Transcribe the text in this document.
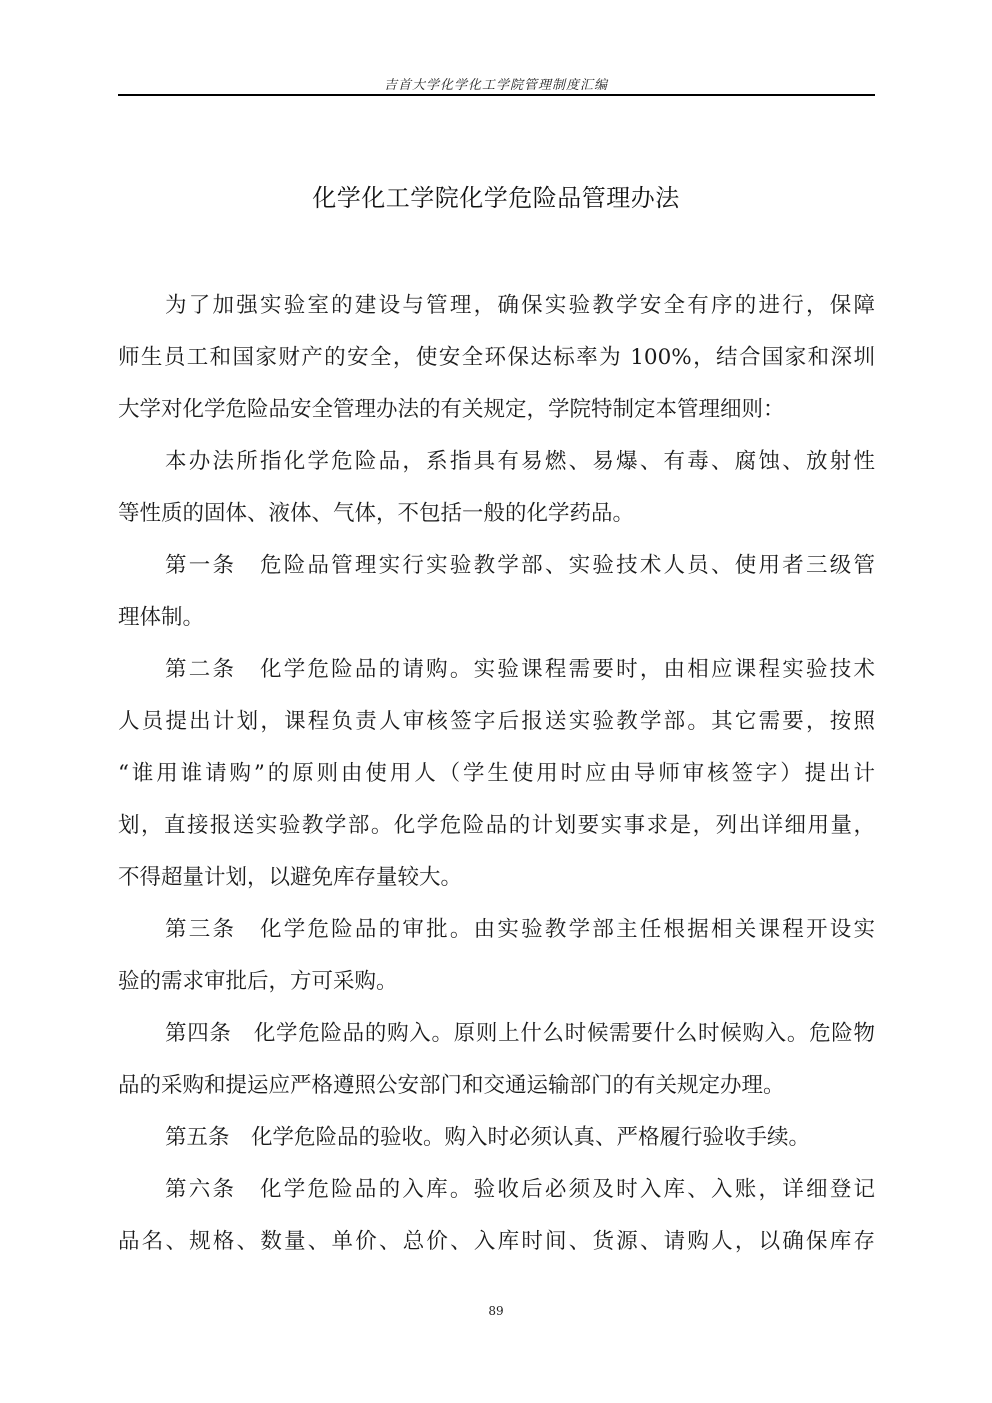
吉首大学化学化工学院管理制度汇编
化学化工学院化学危险品管理办法
为了加强实验室的建设与管理，确保实验教学安全有序的进行，保障
师生员工和国家财产的安全，使安全环保达标率为 100%，结合国家和深圳
大学对化学危险品安全管理办法的有关规定，学院特制定本管理细则：
本办法所指化学危险品，系指具有易燃、易爆、有毒、腐蚀、放射性
等性质的固体、液体、气体，不包括一般的化学药品。
第一条　危险品管理实行实验教学部、实验技术人员、使用者三级管
理体制。
第二条　化学危险品的请购。实验课程需要时，由相应课程实验技术
人员提出计划，课程负责人审核签字后报送实验教学部。其它需要，按照
“谁用谁请购”的原则由使用人（学生使用时应由导师审核签字）提出计
划，直接报送实验教学部。化学危险品的计划要实事求是，列出详细用量，
不得超量计划，以避免库存量较大。
第三条　化学危险品的审批。由实验教学部主任根据相关课程开设实
验的需求审批后，方可采购。
第四条　化学危险品的购入。原则上什么时候需要什么时候购入。危险物
品的采购和提运应严格遵照公安部门和交通运输部门的有关规定办理。
第五条　化学危险品的验收。购入时必须认真、严格履行验收手续。
第六条　化学危险品的入库。验收后必须及时入库、入账，详细登记
品名、规格、数量、单价、总价、入库时间、货源、请购人，以确保库存
89
